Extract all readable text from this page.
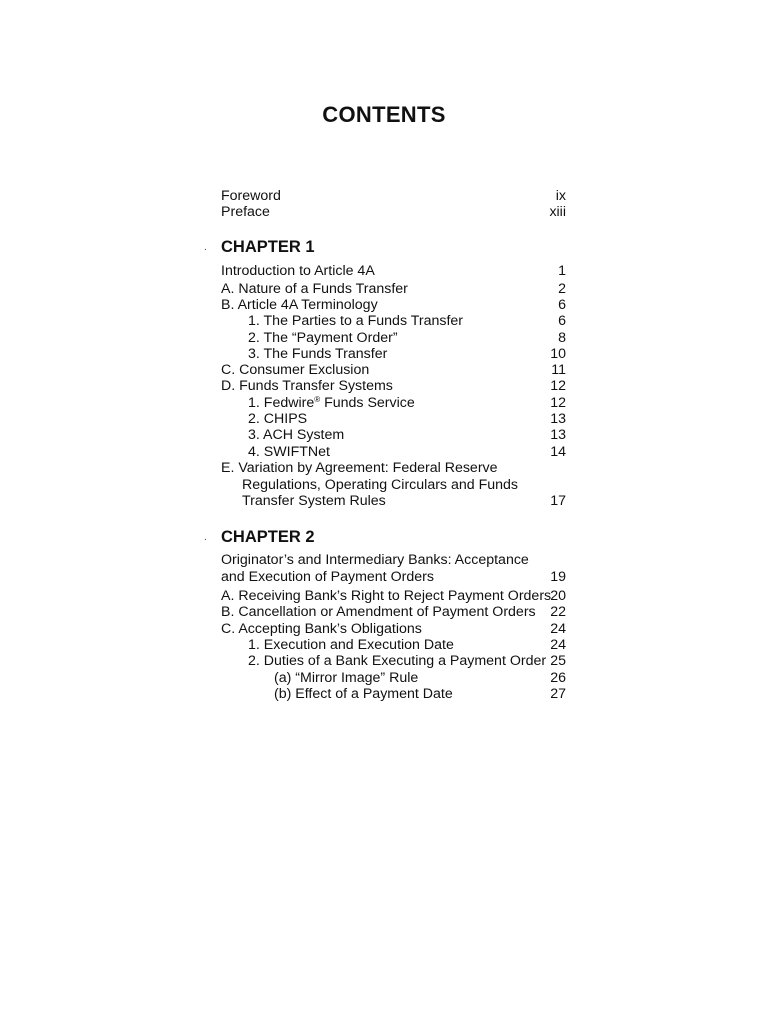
CONTENTS
Foreword	ix
Preface	xiii
. CHAPTER 1
Introduction to Article 4A	1
A. Nature of a Funds Transfer	2
B. Article 4A Terminology	6
1. The Parties to a Funds Transfer	6
2. The “Payment Order”	8
3. The Funds Transfer	10
C. Consumer Exclusion	11
D. Funds Transfer Systems	12
1. Fedwire® Funds Service	12
2. CHIPS	13
3. ACH System	13
4. SWIFTNet	14
E. Variation by Agreement: Federal Reserve
Regulations, Operating Circulars and Funds
Transfer System Rules	17
. CHAPTER 2
Originator’s and Intermediary Banks: Acceptance
and Execution of Payment Orders	19
A. Receiving Bank’s Right to Reject Payment Orders 20
B. Cancellation or Amendment of Payment Orders 22
C. Accepting Bank’s Obligations	24
1. Execution and Execution Date	24
2. Duties of a Bank Executing a Payment Order 25
(a) “Mirror Image” Rule	26
(b) Effect of a Payment Date	27
